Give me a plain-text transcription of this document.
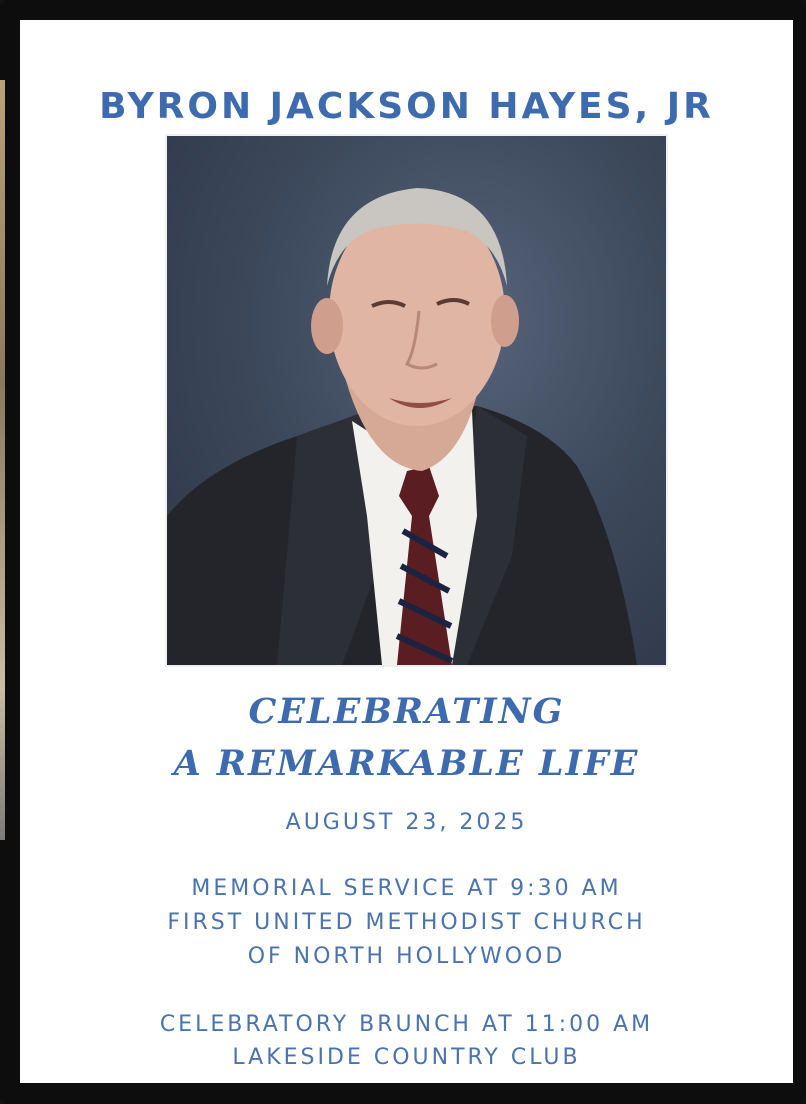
BYRON JACKSON HAYES, JR

CELEBRATING

A REMARKABLE LIFE

AUGUST 23, 2025

MEMORIAL SERVICE AT 9:30 AM

FIRST UNITED METHODIST CHURCH

OF NORTH HOLLYWOOD

CELEBRATORY BRUNCH AT 11:00 AM

LAKESIDE COUNTRY CLUB
